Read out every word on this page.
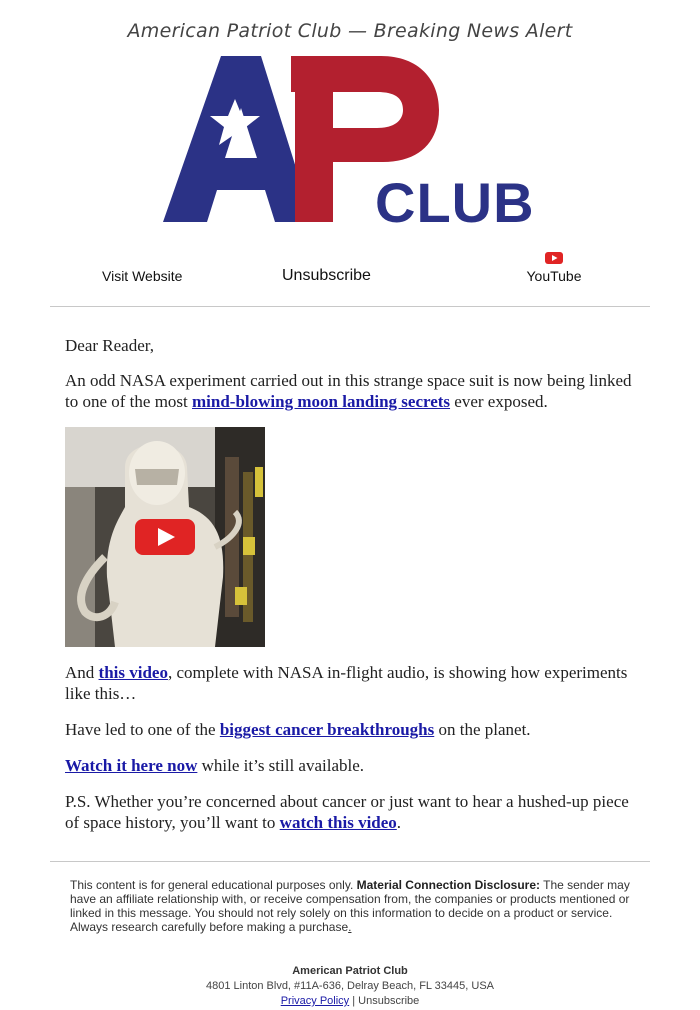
American Patriot Club — Breaking News Alert
CLUB
Visit Website	Unsubscribe	YouTube

Dear Reader,

An odd NASA experiment carried out in this strange space suit is now being linked to one of the most mind-blowing moon landing secrets ever exposed.

And this video, complete with NASA in-flight audio, is showing how experiments like this…

Have led to one of the biggest cancer breakthroughs on the planet.

Watch it here now while it’s still available.

P.S. Whether you’re concerned about cancer or just want to hear a hushed-up piece of space history, you’ll want to watch this video.

This content is for general educational purposes only. Material Connection Disclosure: The sender may have an affiliate relationship with, or receive compensation from, the companies or products mentioned or linked in this message. You should not rely solely on this information to decide on a product or service. Always research carefully before making a purchase.
American Patriot Club
4801 Linton Blvd, #11A-636, Delray Beach, FL 33445, USA
Privacy Policy | Unsubscribe
